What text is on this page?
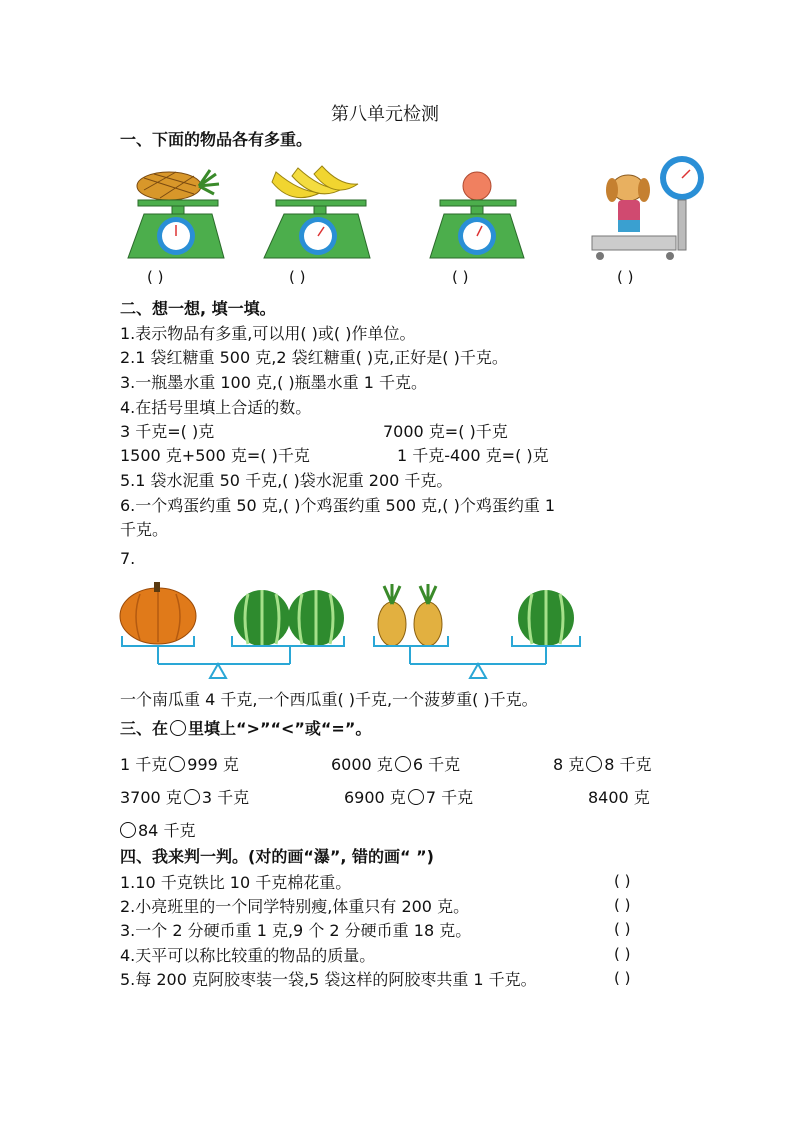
第八单元检测
一、下面的物品各有多重。
( )	( )	( )	( )
二、想一想, 填一填。
1.表示物品有多重,可以用( )或( )作单位。
2.1 袋红糖重 500 克,2 袋红糖重( )克,正好是( )千克。
3.一瓶墨水重 100 克,( )瓶墨水重 1 千克。
4.在括号里填上合适的数。
3 千克=( )克	7000 克=( )千克
1500 克+500 克=( )千克	1 千克-400 克=( )克
5.1 袋水泥重 50 千克,( )袋水泥重 200 千克。
6.一个鸡蛋约重 50 克,( )个鸡蛋约重 500 克,( )个鸡蛋约重 1
千克。
7.
一个南瓜重 4 千克,一个西瓜重( )千克,一个菠萝重( )千克。
三、在 里填上“>”“<”或“=”。
1 千克 999 克	6000 克 6 千克	8 克 8 千克
3700 克 3 千克	6900 克 7 千克	8400 克
84 千克
四、我来判一判。(对的画“瀑”, 错的画“ ”)
1.10 千克铁比 10 千克棉花重。	( )
2.小亮班里的一个同学特别瘦,体重只有 200 克。	( )
3.一个 2 分硬币重 1 克,9 个 2 分硬币重 18 克。	( )
4.天平可以称比较重的物品的质量。	( )
5.每 200 克阿胶枣装一袋,5 袋这样的阿胶枣共重 1 千克。	( )
